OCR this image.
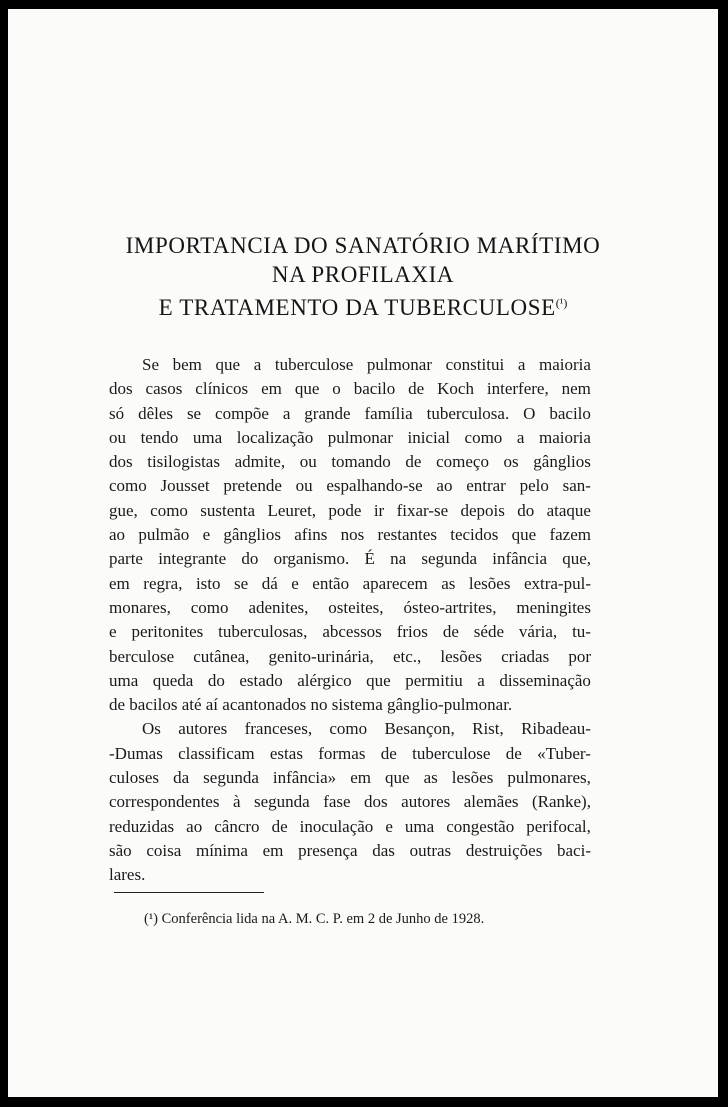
IMPORTANCIA DO SANATÓRIO MARÍTIMO
NA PROFILAXIA
E TRATAMENTO DA TUBERCULOSE$^{(^1)}$
Se bem que a tuberculose pulmonar constitui a maioria
dos casos clínicos em que o bacilo de Koch interfere, nem
só dêles se compõe a grande família tuberculosa. O bacilo
ou tendo uma localização pulmonar inicial como a maioria
dos tisilogistas admite, ou tomando de começo os gânglios
como Jousset pretende ou espalhando-se ao entrar pelo san-
gue, como sustenta Leuret, pode ir fixar-se depois do ataque
ao pulmão e gânglios afins nos restantes tecidos que fazem
parte integrante do organismo. É na segunda infância que,
em regra, isto se dá e então aparecem as lesões extra-pul-
monares, como adenites, osteites, ósteo-artrites, meningites
e peritonites tuberculosas, abcessos frios de séde vária, tu-
berculose cutânea, genito-urinária, etc., lesões criadas por
uma queda do estado alérgico que permitiu a disseminação
de bacilos até aí acantonados no sistema gânglio-pulmonar.
Os autores franceses, como Besançon, Rist, Ribadeau-
-Dumas classificam estas formas de tuberculose de «Tuber-
culoses da segunda infância» em que as lesões pulmonares,
correspondentes à segunda fase dos autores alemães (Ranke),
reduzidas ao câncro de inoculação e uma congestão perifocal,
são coisa mínima em presença das outras destruições baci-
lares.
(¹) Conferência lida na A. M. C. P. em 2 de Junho de 1928.
